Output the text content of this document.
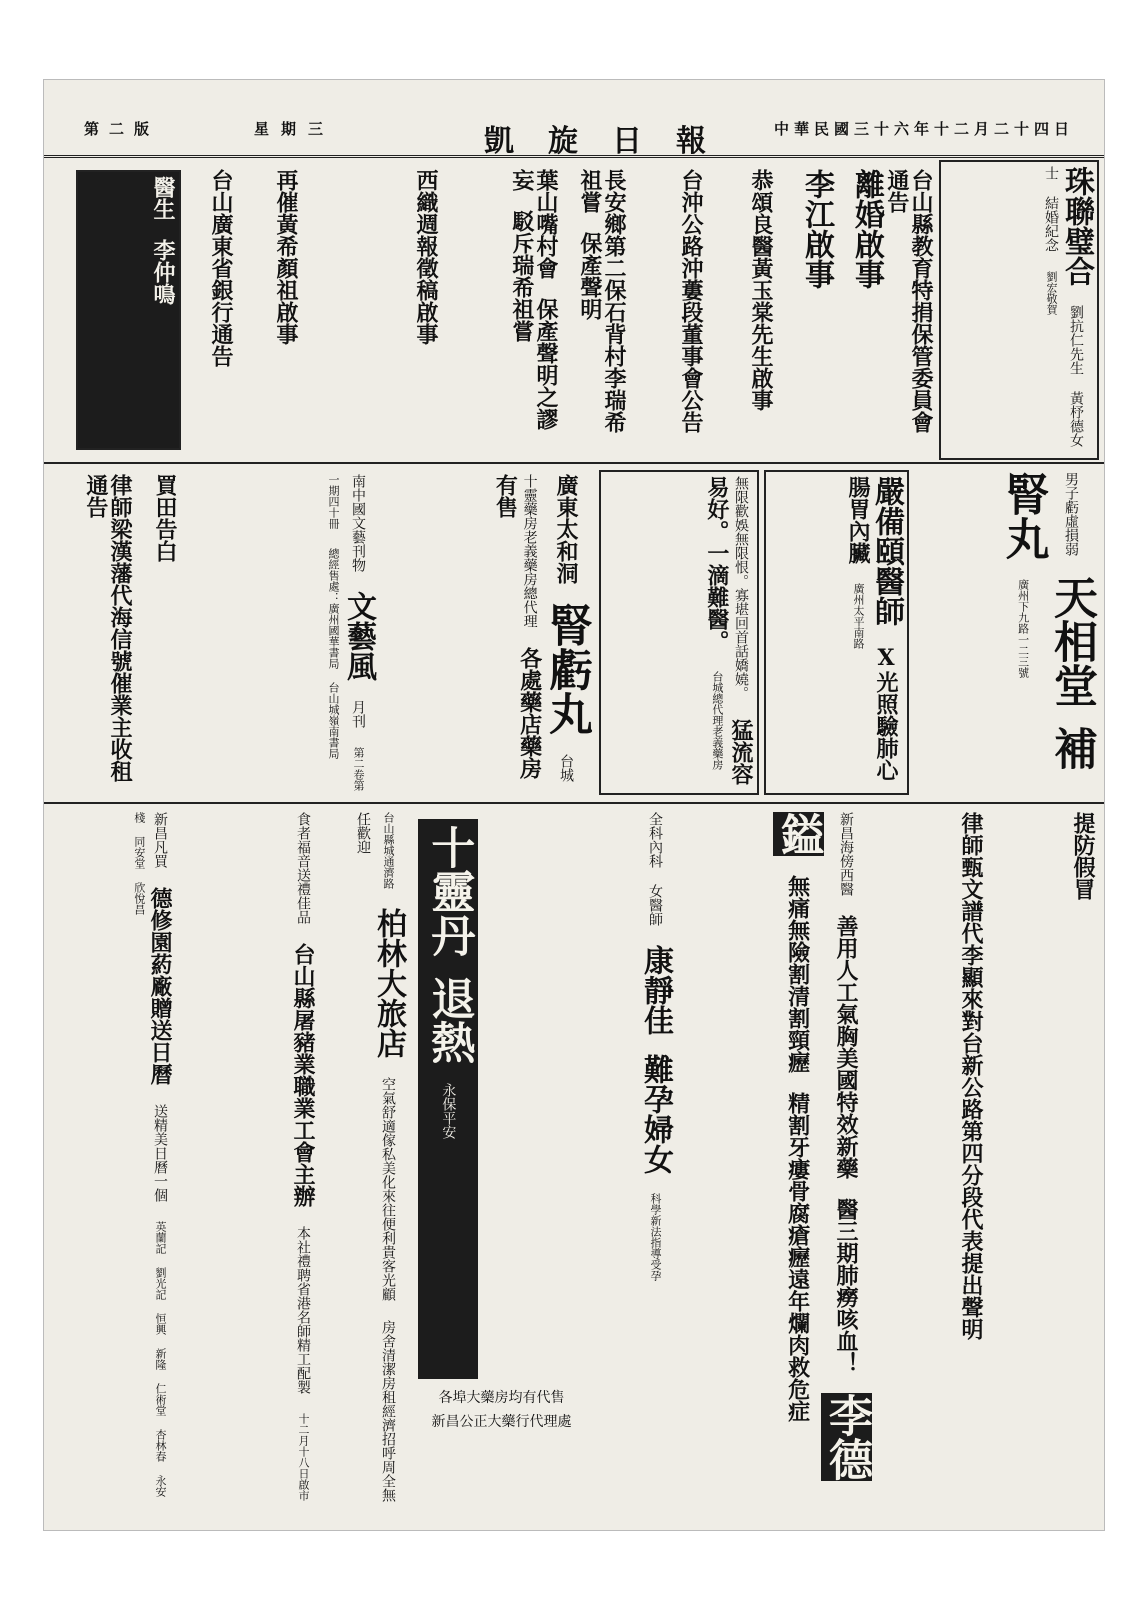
第二版	星期三	凱旋日報 中華民國三十六年十二月二十四日
珠聯璧合 劉抗仁先生 黃杼德女士 結婚紀念 劉宏敬賀
台山縣教育特捐保管委員會通告
離婚啟事
李江啟事
恭頌良醫黃玉棠先生啟事
台沖公路沖蔞段董事會公告
長安鄉第二保石背村李瑞希祖嘗 保產聲明
葉山嘴村會 保產聲明之謬妄 駁斥瑞希祖嘗
西織週報徵稿啟事
再催黃希顏祖啟事
台山廣東省銀行通告
醫生 李仲鳴
男子虧虛損弱 天相堂 補腎丸 廣州下九路一二三號
嚴備頤醫師 X光照驗肺心腸胃內臟 廣州太平南路
無限歡娛無限恨。寡堪回首話嬌嬈。 猛流容易好。一滴難醫。 台城總代理老義藥房
廣東太和洞 腎虧丸 台城十靈藥房老義藥房總代理 各處藥店藥房有售
南中國文藝刊物 文藝風 月刊 第二卷第一期四十冊 總經售處：廣州國華書局 台山城嶺南書局
買田告白
律師梁漢藩代海信號催業主收租通告
提防假冒
律師甄文譜代李顯來對台新公路第四分段代表提出聲明
新昌海傍西醫 善用人工氣胸美國特效新藥 醫三期肺癆咳血！ 李德鎰 無痛無險割清割頸癧 精割牙瘻骨腐瘡癧遠年爛肉救危症
全科內科 女醫師 康靜佳 難孕婦女 科學新法指導受孕
十靈丹 退熱 永保平安
各埠大藥房均有代售
新昌公正大藥行代理處
台山縣城通濟路 柏林大旅店 空氣舒適傢私美化來往便利貴客光顧 房舍清潔房租經濟招呼周全無任歡迎
食者福音送禮佳品 台山縣屠豬業職業工會主辦 本社禮聘省港名師精工配製 十二月十八日啟市
新昌凡買 德修園葯廠贈送日曆 送精美日曆一個 英蘭記 劉光記 恒興 新隆 仁術堂 杏林春 永安棧 同安堂 欣悅昌
